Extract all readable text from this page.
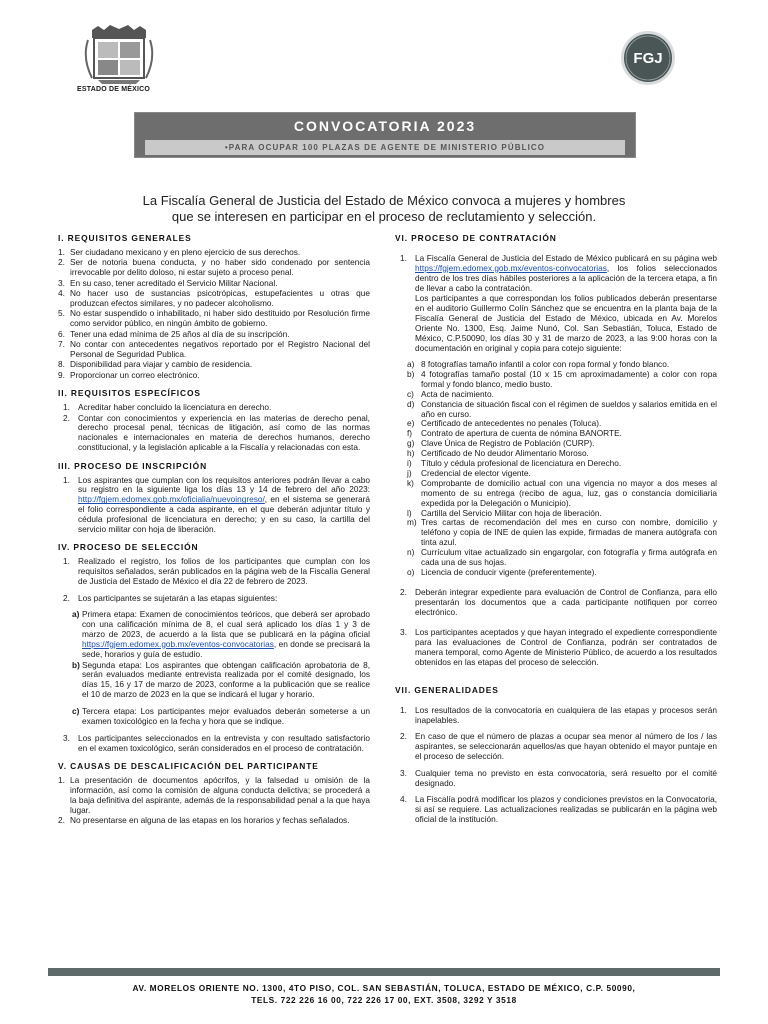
ESTADO DE MÉXICO
FGJ
CONVOCATORIA 2023
•PARA OCUPAR 100 PLAZAS DE AGENTE DE MINISTERIO PÚBLICO
La Fiscalía General de Justicia del Estado de México convoca a mujeres y hombres
que se interesen en participar en el proceso de reclutamiento y selección.
I. REQUISITOS GENERALES
1. Ser ciudadano mexicano y en pleno ejercicio de sus derechos.
2. Ser de notoria buena conducta, y no haber sido condenado por sentencia irrevocable por delito doloso, ni estar sujeto a proceso penal.
3. En su caso, tener acreditado el Servicio Militar Nacional.
4. No hacer uso de sustancias psicotrópicas, estupefacientes u otras que produzcan efectos similares, y no padecer alcoholismo.
5. No estar suspendido o inhabilitado, ni haber sido destituido por Resolución firme como servidor público, en ningún ámbito de gobierno.
6. Tener una edad mínima de 25 años al día de su inscripción.
7. No contar con antecedentes negativos reportado por el Registro Nacional del Personal de Seguridad Publica.
8. Disponibilidad para viajar y cambio de residencia.
9. Proporcionar un correo electrónico.
II. REQUISITOS ESPECÍFICOS
1. Acreditar haber concluido la licenciatura en derecho.
2. Contar con conocimientos y experiencia en las materias de derecho penal, derecho procesal penal, técnicas de litigación, así como de las normas nacionales e internacionales en materia de derechos humanos, derecho constitucional, y la legislación aplicable a la Fiscalía y relacionadas con esta.
III. PROCESO DE INSCRIPCIÓN
1. Los aspirantes que cumplan con los requisitos anteriores podrán llevar a cabo su registro en la siguiente liga los días 13 y 14 de febrero del año 2023: http://fgjem.edomex.gob.mx/oficialia/nuevoingreso/, en el sistema se generará el folio correspondiente a cada aspirante, en el que deberán adjuntar título y cédula profesional de licenciatura en derecho; y en su caso, la cartilla del servicio militar con hoja de liberación.
IV. PROCESO DE SELECCIÓN
1. Realizado el registro, los folios de los participantes que cumplan con los requisitos señalados, serán publicados en la página web de la Fiscalía General de Justicia del Estado de México el día 22 de febrero de 2023.
2. Los participantes se sujetarán a las etapas siguientes:
a) Primera etapa: Examen de conocimientos teóricos, que deberá ser aprobado con una calificación mínima de 8, el cual será aplicado los días 1 y 3 de marzo de 2023, de acuerdo a la lista que se publicará en la página oficial https://fgjem.edomex.gob.mx/eventos-convocatorias, en donde se precisará la sede, horarios y guía de estudio.
b) Segunda etapa: Los aspirantes que obtengan calificación aprobatoria de 8, serán evaluados mediante entrevista realizada por el comité designado, los días 15, 16 y 17 de marzo de 2023, conforme a la publicación que se realice el 10 de marzo de 2023 en la que se indicará el lugar y horario.
c) Tercera etapa: Los participantes mejor evaluados deberán someterse a un examen toxicológico en la fecha y hora que se indique.
3. Los participantes seleccionados en la entrevista y con resultado satisfactorio en el examen toxicológico, serán considerados en el proceso de contratación.
V. CAUSAS DE DESCALIFICACIÓN DEL PARTICIPANTE
1. La presentación de documentos apócrifos, y la falsedad u omisión de la información, así como la comisión de alguna conducta delictiva; se procederá a la baja definitiva del aspirante, además de la responsabilidad penal a la que haya lugar.
2. No presentarse en alguna de las etapas en los horarios y fechas señalados.
VI. PROCESO DE CONTRATACIÓN
1. La Fiscalía General de Justicia del Estado de México publicará en su página web https://fgjem.edomex.gob.mx/eventos-convocatorias, los folios seleccionados dentro de los tres días hábiles posteriores a la aplicación de la tercera etapa, a fin de llevar a cabo la contratación.
Los participantes a que correspondan los folios publicados deberán presentarse en el auditorio Guillermo Colín Sánchez que se encuentra en la planta baja de la Fiscalía General de Justicia del Estado de México, ubicada en Av. Morelos Oriente No. 1300, Esq. Jaime Nunó, Col. San Sebastián, Toluca, Estado de México, C.P.50090, los días 30 y 31 de marzo de 2023, a las 9:00 horas con la documentación en original y copia para cotejo siguiente:
a) 8 fotografías tamaño infantil a color con ropa formal y fondo blanco.
b) 4 fotografías tamaño postal (10 x 15 cm aproximadamente) a color con ropa formal y fondo blanco, medio busto.
c) Acta de nacimiento.
d) Constancia de situación fiscal con el régimen de sueldos y salarios emitida en el año en curso.
e) Certificado de antecedentes no penales (Toluca).
f) Contrato de apertura de cuenta de nómina BANORTE.
g) Clave Única de Registro de Población (CURP).
h) Certificado de No deudor Alimentario Moroso.
i) Título y cédula profesional de licenciatura en Derecho.
j) Credencial de elector vigente.
k) Comprobante de domicilio actual con una vigencia no mayor a dos meses al momento de su entrega (recibo de agua, luz, gas o constancia domiciliaria expedida por la Delegación o Municipio).
l) Cartilla del Servicio Militar con hoja de liberación.
m) Tres cartas de recomendación del mes en curso con nombre, domicilio y teléfono y copia de INE de quien las expide, firmadas de manera autógrafa con tinta azul.
n) Currículum vitae actualizado sin engargolar, con fotografía y firma autógrafa en cada una de sus hojas.
o) Licencia de conducir vigente (preferentemente).
2. Deberán integrar expediente para evaluación de Control de Confianza, para ello presentarán los documentos que a cada participante notifiquen por correo electrónico.
3. Los participantes aceptados y que hayan integrado el expediente correspondiente para las evaluaciones de Control de Confianza, podrán ser contratados de manera temporal, como Agente de Ministerio Público, de acuerdo a los resultados obtenidos en las etapas del proceso de selección.
VII. GENERALIDADES
1. Los resultados de la convocatoria en cualquiera de las etapas y procesos serán inapelables.
2. En caso de que el número de plazas a ocupar sea menor al número de los / las aspirantes, se seleccionarán aquellos/as que hayan obtenido el mayor puntaje en el proceso de selección.
3. Cualquier tema no previsto en esta convocatoria, será resuelto por el comité designado.
4. La Fiscalía podrá modificar los plazos y condiciones previstos en la Convocatoria, si así se requiere. Las actualizaciones realizadas se publicarán en la página web oficial de la institución.
AV. MORELOS ORIENTE NO. 1300, 4TO PISO, COL. SAN SEBASTIÁN, TOLUCA, ESTADO DE MÉXICO, C.P. 50090,
TELS. 722 226 16 00, 722 226 17 00, EXT. 3508, 3292 Y 3518
